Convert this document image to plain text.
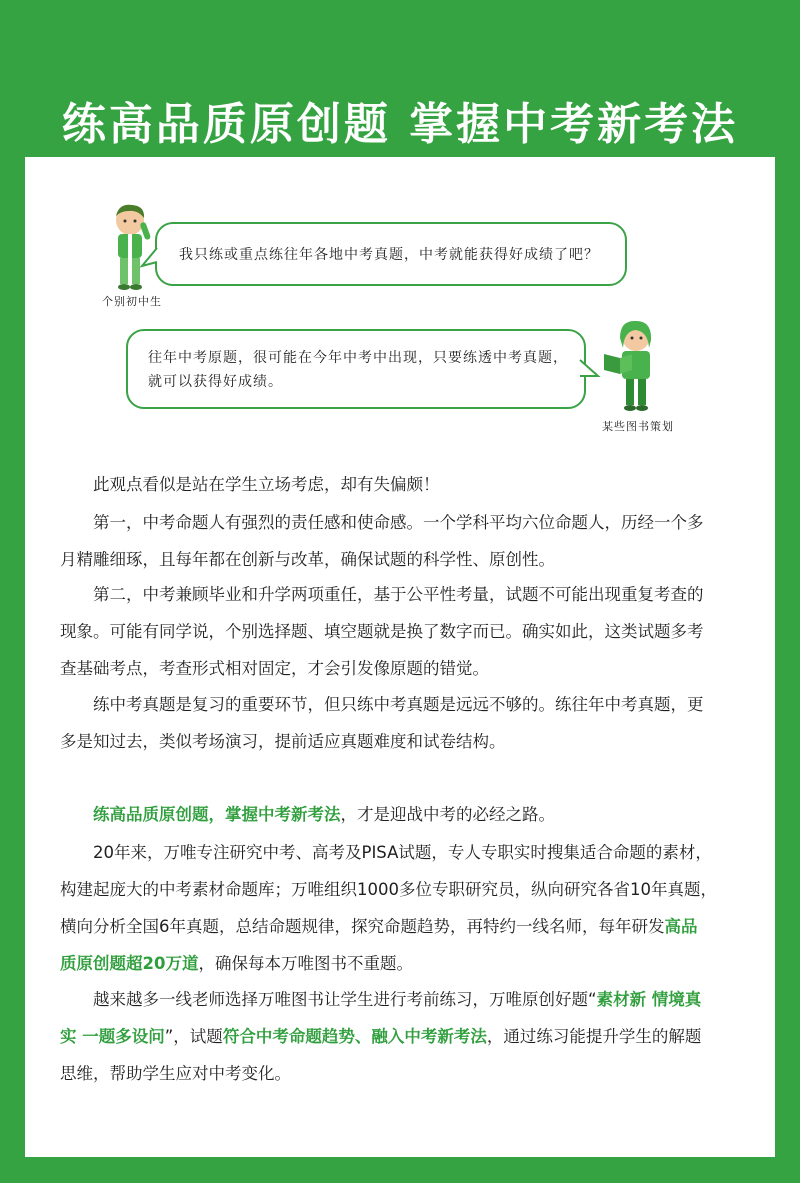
练高品质原创题 掌握中考新考法
个别初中生
我只练或重点练往年各地中考真题，中考就能获得好成绩了吧？
往年中考原题，很可能在今年中考中出现，只要练透中考真题，
就可以获得好成绩。
某些图书策划
此观点看似是站在学生立场考虑，却有失偏颇！
第一，中考命题人有强烈的责任感和使命感。一个学科平均六位命题人，历经一个多
月精雕细琢，且每年都在创新与改革，确保试题的科学性、原创性。
第二，中考兼顾毕业和升学两项重任，基于公平性考量，试题不可能出现重复考查的
现象。可能有同学说，个别选择题、填空题就是换了数字而已。确实如此，这类试题多考
查基础考点，考查形式相对固定，才会引发像原题的错觉。
练中考真题是复习的重要环节，但只练中考真题是远远不够的。练往年中考真题，更
多是知过去，类似考场演习，提前适应真题难度和试卷结构。
练高品质原创题，掌握中考新考法，才是迎战中考的必经之路。
20年来，万唯专注研究中考、高考及PISA试题，专人专职实时搜集适合命题的素材，
构建起庞大的中考素材命题库；万唯组织1000多位专职研究员，纵向研究各省10年真题，
横向分析全国6年真题，总结命题规律，探究命题趋势，再特约一线名师，每年研发高品
质原创题超20万道，确保每本万唯图书不重题。
越来越多一线老师选择万唯图书让学生进行考前练习，万唯原创好题“素材新 情境真
实 一题多设问”，试题符合中考命题趋势、融入中考新考法，通过练习能提升学生的解题
思维，帮助学生应对中考变化。
